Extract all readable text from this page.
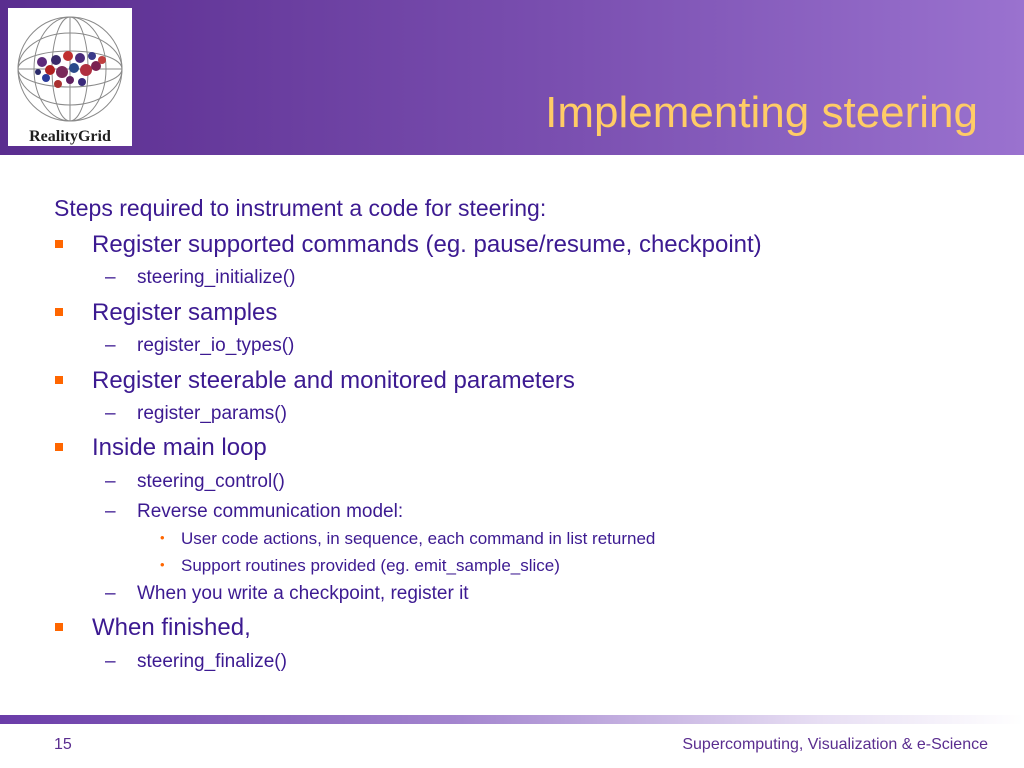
RealityGrid	Implementing steering
Steps required to instrument a code for steering:
Register supported commands (eg. pause/resume, checkpoint)
– steering_initialize()
Register samples
– register_io_types()
Register steerable and monitored parameters
– register_params()
Inside main loop
– steering_control()
– Reverse communication model:
• User code actions, in sequence, each command in list returned
• Support routines provided (eg. emit_sample_slice)
– When you write a checkpoint, register it
When finished,
– steering_finalize()
15	Supercomputing, Visualization & e-Science
